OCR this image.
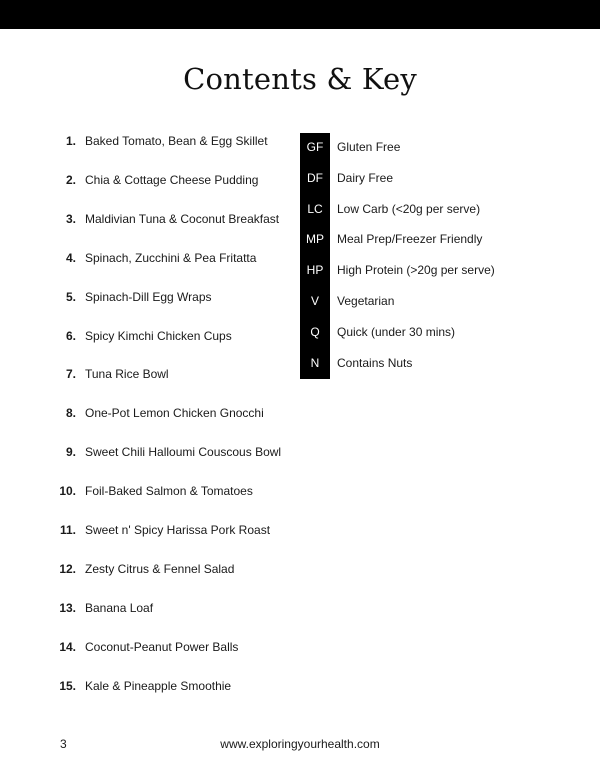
Contents & Key
1. Baked Tomato, Bean & Egg Skillet
2. Chia & Cottage Cheese Pudding
3. Maldivian Tuna & Coconut Breakfast
4. Spinach, Zucchini & Pea Fritatta
5. Spinach-Dill Egg Wraps
6. Spicy Kimchi Chicken Cups
7. Tuna Rice Bowl
8. One-Pot Lemon Chicken Gnocchi
9. Sweet Chili Halloumi Couscous Bowl
10. Foil-Baked Salmon & Tomatoes
11. Sweet n' Spicy Harissa Pork Roast
12. Zesty Citrus & Fennel Salad
13. Banana Loaf
14. Coconut-Peanut Power Balls
15. Kale & Pineapple Smoothie
GF	Gluten Free
DF	Dairy Free
LC	Low Carb (<20g per serve)
MP	Meal Prep/Freezer Friendly
HP	High Protein (>20g per serve)
V	Vegetarian
Q	Quick (under 30 mins)
N	Contains Nuts
3	www.exploringyourhealth.com
